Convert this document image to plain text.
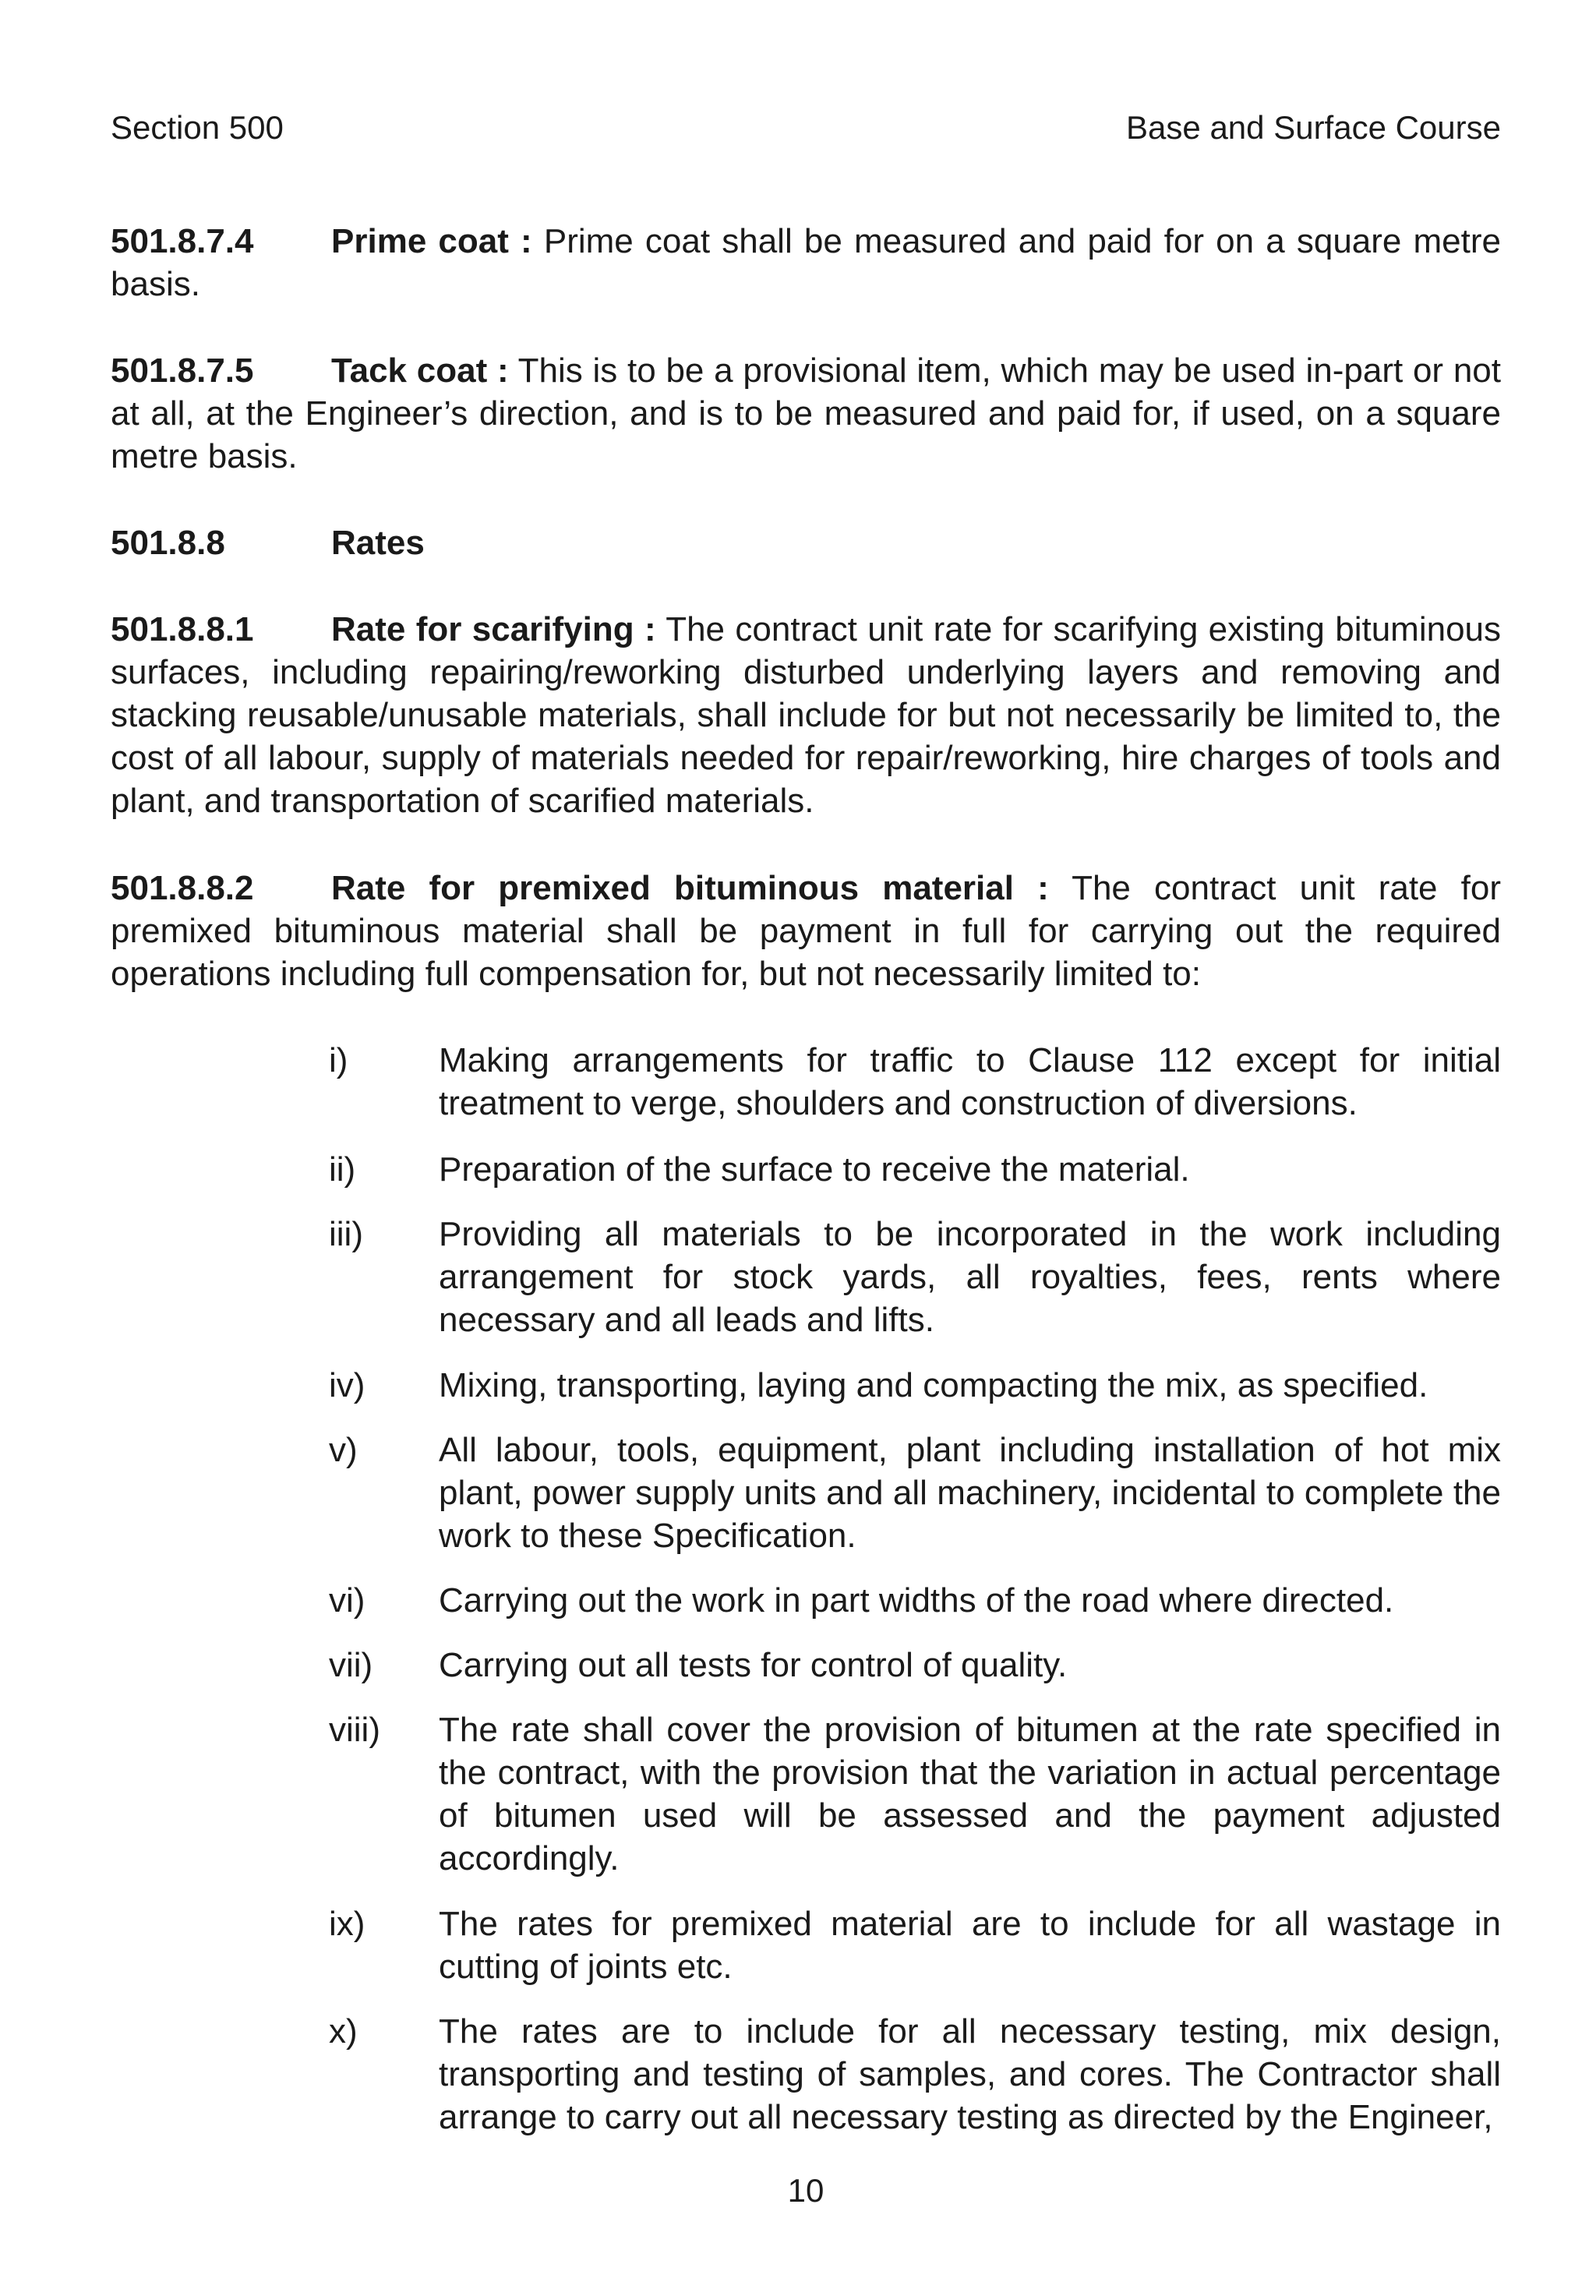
Section 500	Base and Surface Course
501.8.7.4 Prime coat : Prime coat shall be measured and paid for on a square metre basis.
501.8.7.5 Tack coat : This is to be a provisional item, which may be used in-part or not at all, at the Engineer’s direction, and is to be measured and paid for, if used, on a square metre basis.
501.8.8	Rates
501.8.8.1 Rate for scarifying : The contract unit rate for scarifying existing bituminous surfaces, including repairing/reworking disturbed underlying layers and removing and stacking reusable/unusable materials, shall include for but not necessarily be limited to, the cost of all labour, supply of materials needed for repair/reworking, hire charges of tools and plant, and transportation of scarified materials.
501.8.8.2 Rate for premixed bituminous material : The contract unit rate for premixed bituminous material shall be payment in full for carrying out the required operations including full compensation for, but not necessarily limited to:
i)	Making arrangements for traffic to Clause 112 except for initial treatment to verge, shoulders and construction of diversions.
ii)	Preparation of the surface to receive the material.
iii)	Providing all materials to be incorporated in the work including arrangement for stock yards, all royalties, fees, rents where necessary and all leads and lifts.
iv)	Mixing, transporting, laying and compacting the mix, as specified.
v)	All labour, tools, equipment, plant including installation of hot mix plant, power supply units and all machinery, incidental to complete the work to these Specification.
vi)	Carrying out the work in part widths of the road where directed.
vii)	Carrying out all tests for control of quality.
viii)	The rate shall cover the provision of bitumen at the rate specified in the contract, with the provision that the variation in actual percentage of bitumen used will be assessed and the payment adjusted accordingly.
ix)	The rates for premixed material are to include for all wastage in cutting of joints etc.
x)	The rates are to include for all necessary testing, mix design, transporting and testing of samples, and cores. The Contractor shall arrange to carry out all necessary testing as directed by the Engineer,
10
